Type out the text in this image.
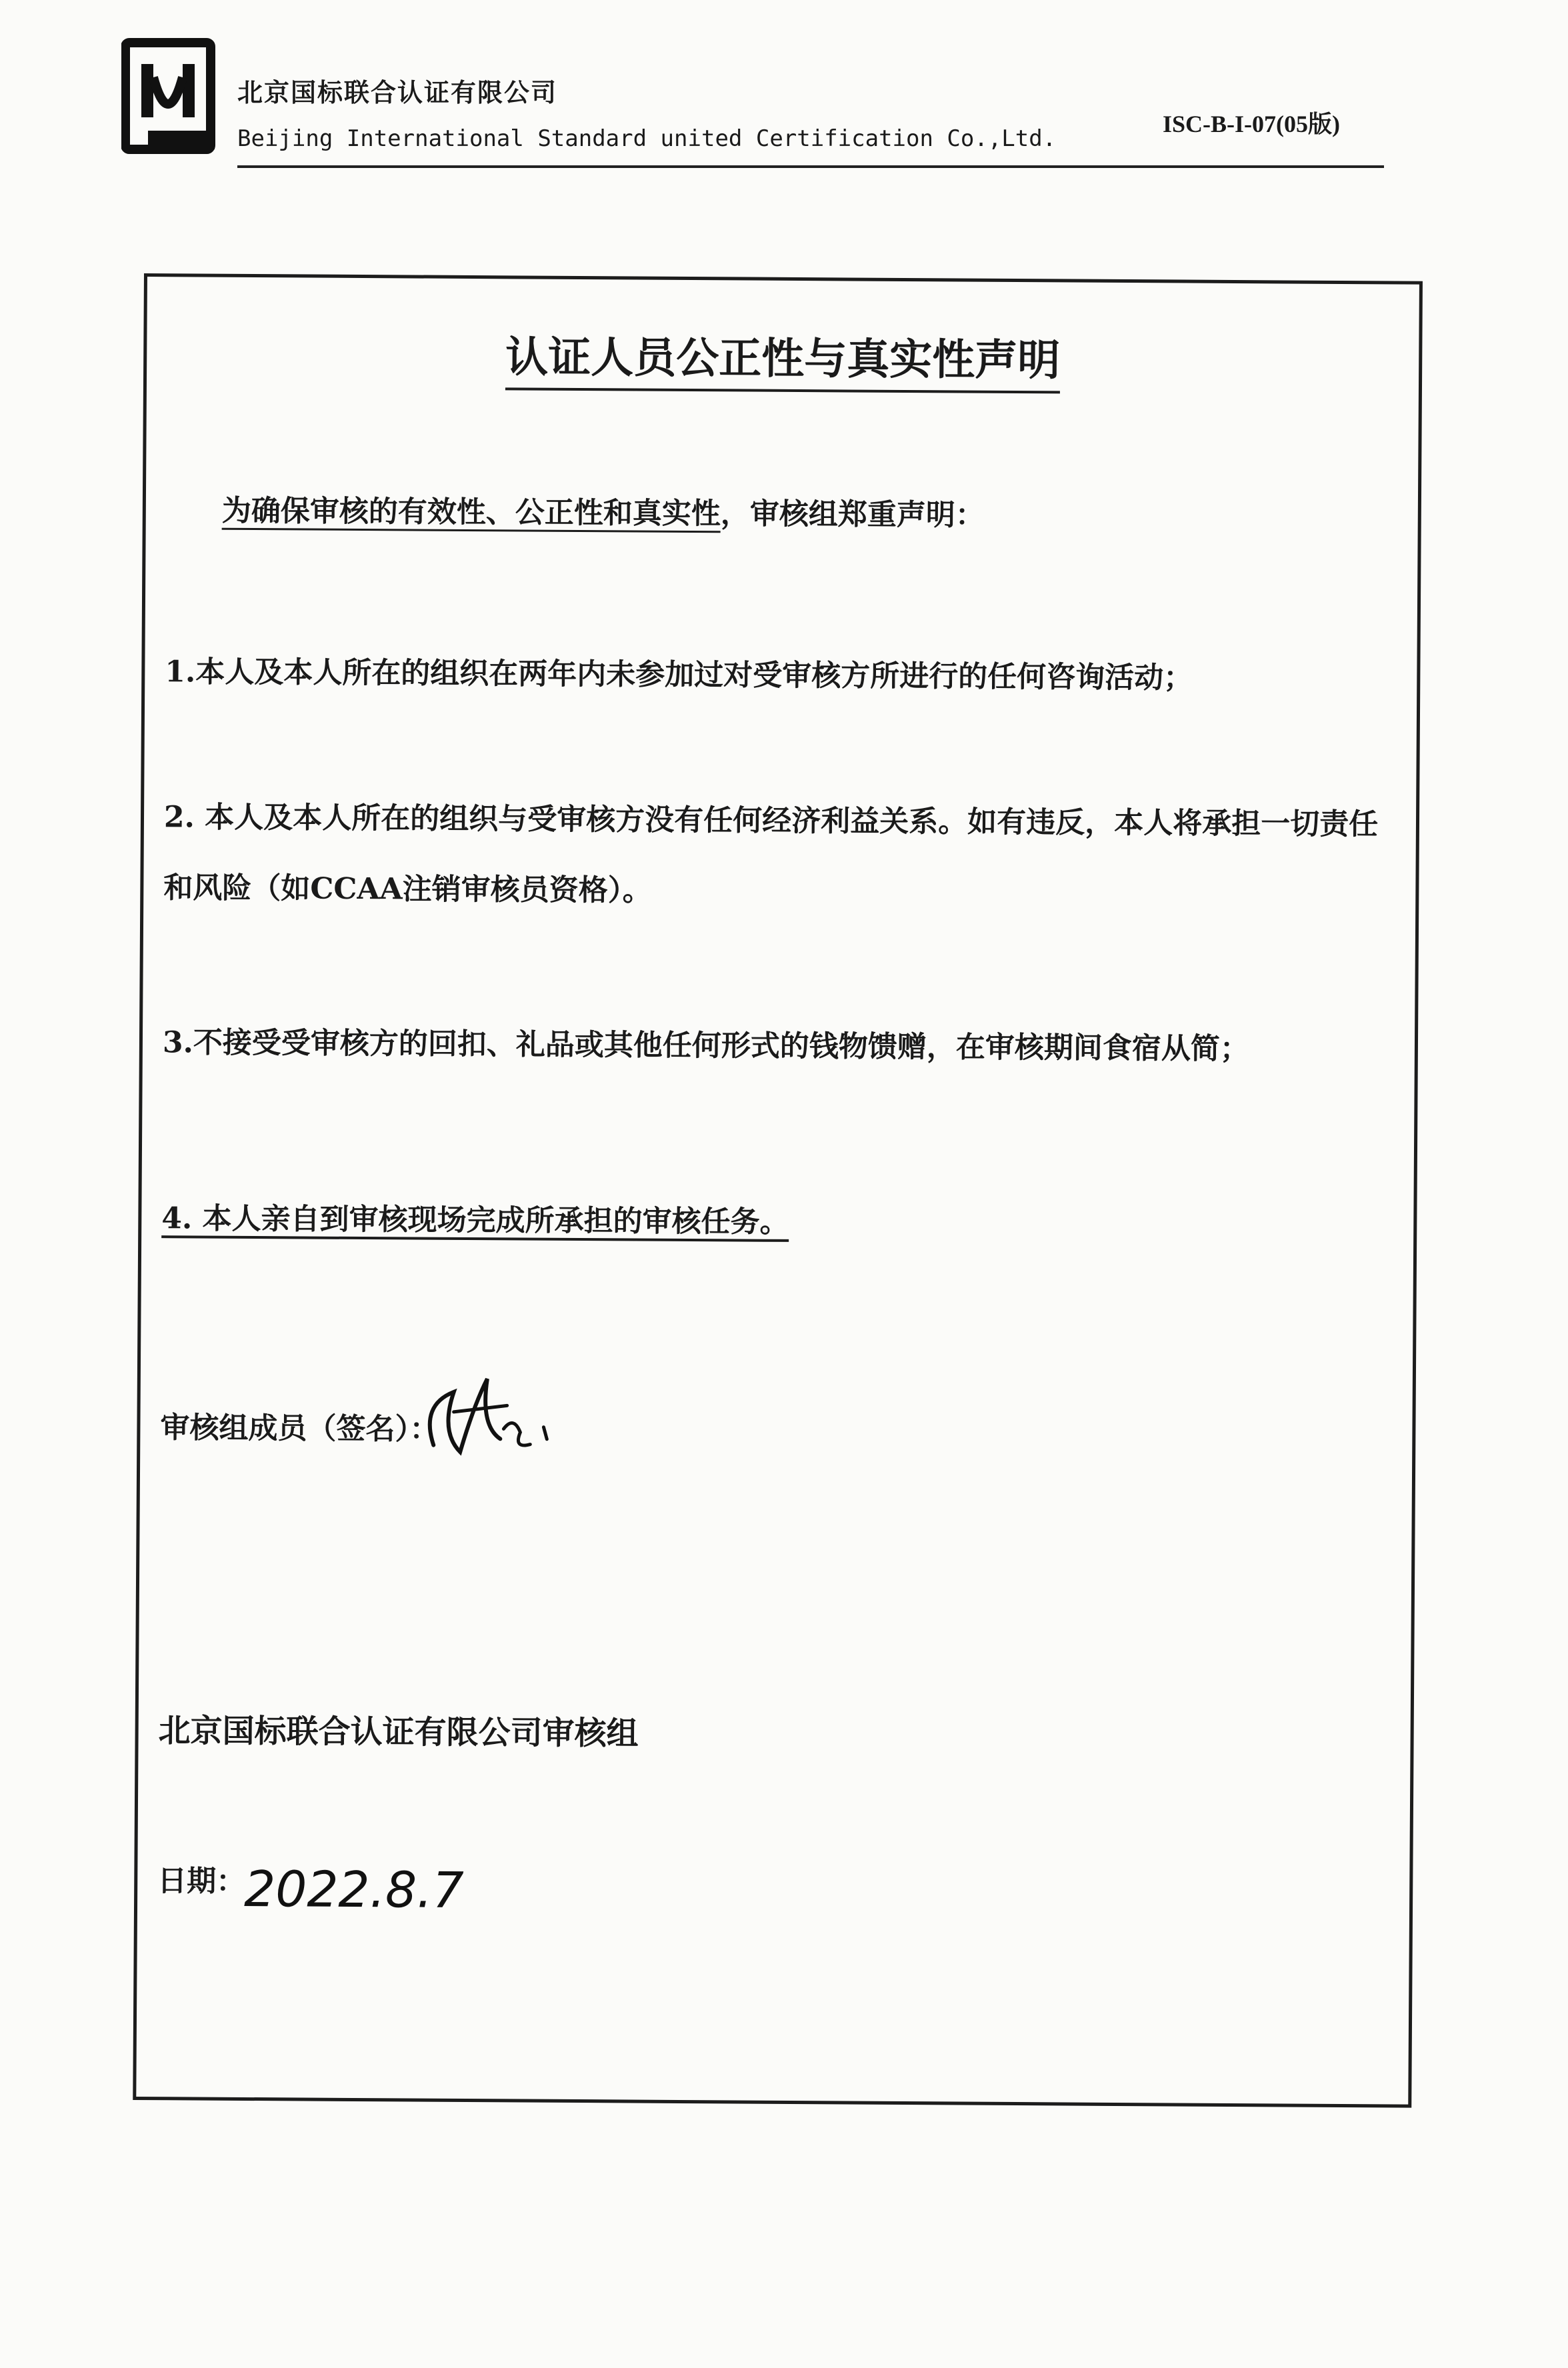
北京国标联合认证有限公司
Beijing International Standard united Certification Co.,Ltd.
ISC-B-I-07(05版)
认证人员公正性与真实性声明
为确保审核的有效性、公正性和真实性，审核组郑重声明：
1.本人及本人所在的组织在两年内未参加过对受审核方所进行的任何咨询活动；
2. 本人及本人所在的组织与受审核方没有任何经济利益关系。如有违反，本人将承担一切责任和风险（如CCAA注销审核员资格）。
3.不接受受审核方的回扣、礼品或其他任何形式的钱物馈赠，在审核期间食宿从简；
4. 本人亲自到审核现场完成所承担的审核任务。
审核组成员（签名）：
北京国标联合认证有限公司审核组
日期：
2022.8.7
